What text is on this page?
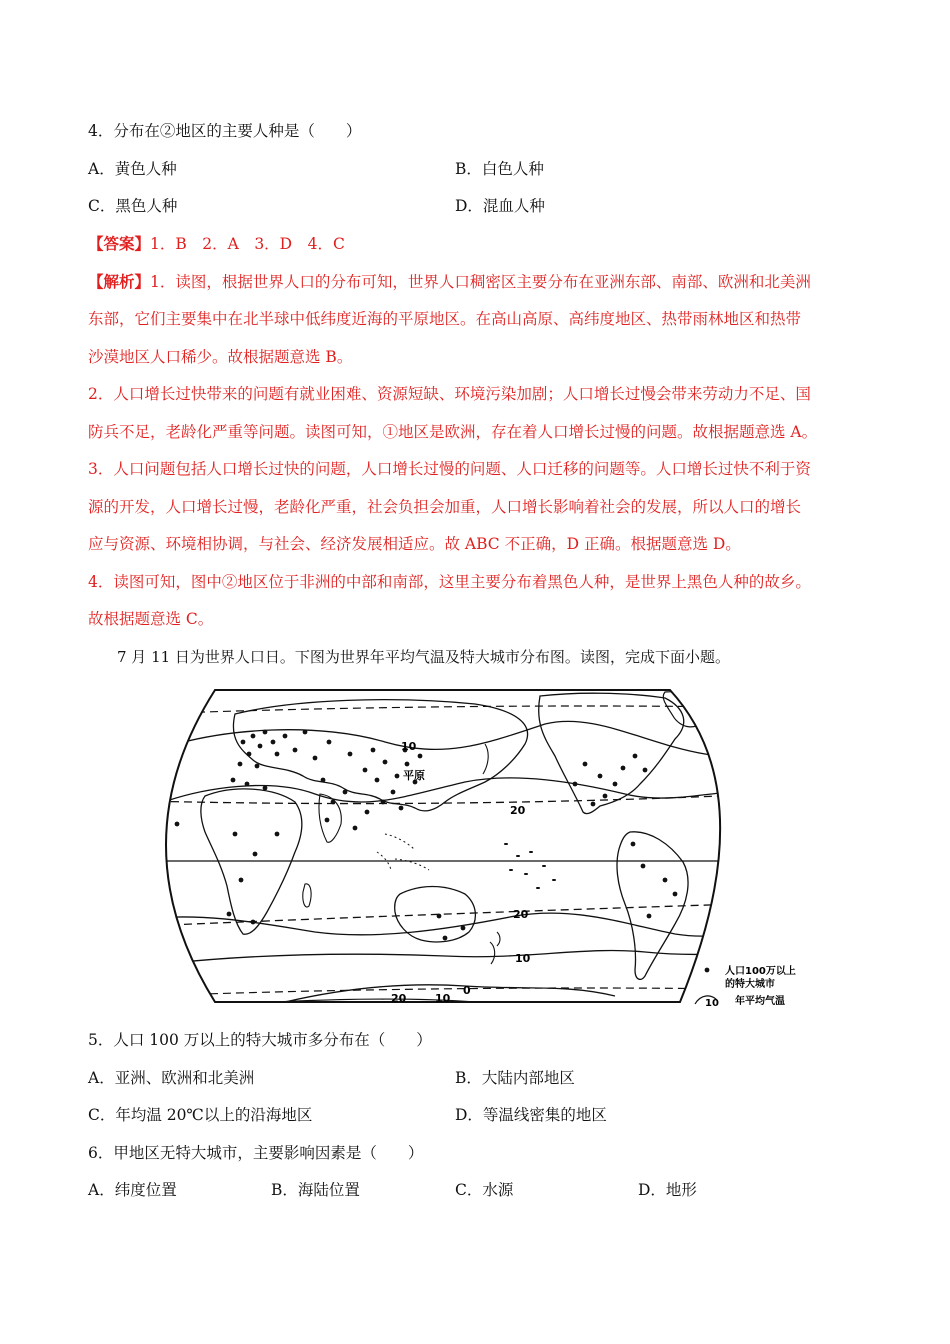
4．分布在②地区的主要人种是（　　）
A．黄色人种	B．白色人种
C．黑色人种	D．混血人种
【答案】1．B　2．A　3．D　4．C
【解析】1．读图，根据世界人口的分布可知，世界人口稠密区主要分布在亚洲东部、南部、欧洲和北美洲
东部，它们主要集中在北半球中低纬度近海的平原地区。在高山高原、高纬度地区、热带雨林地区和热带
沙漠地区人口稀少。故根据题意选 B。
2．人口增长过快带来的问题有就业困难、资源短缺、环境污染加剧；人口增长过慢会带来劳动力不足、国
防兵不足，老龄化严重等问题。读图可知，①地区是欧洲，存在着人口增长过慢的问题。故根据题意选 A。
3．人口问题包括人口增长过快的问题，人口增长过慢的问题、人口迁移的问题等。人口增长过快不利于资
源的开发，人口增长过慢，老龄化严重，社会负担会加重，人口增长影响着社会的发展，所以人口的增长
应与资源、环境相协调，与社会、经济发展相适应。故 ABC 不正确，D 正确。根据题意选 D。
4．读图可知，图中②地区位于非洲的中部和南部，这里主要分布着黑色人种，是世界上黑色人种的故乡。
故根据题意选 C。
7 月 11 日为世界人口日。下图为世界年平均气温及特大城市分布图。读图，完成下面小题。
10
平原
20
20
10
0
20	10
人口100万以上
的特大城市
10 年平均气温
5．人口 100 万以上的特大城市多分布在（　　）
A．亚洲、欧洲和北美洲	B．大陆内部地区
C．年均温 20℃以上的沿海地区	D．等温线密集的地区
6．甲地区无特大城市，主要影响因素是（　　）
A．纬度位置	B．海陆位置	C．水源	D．地形
